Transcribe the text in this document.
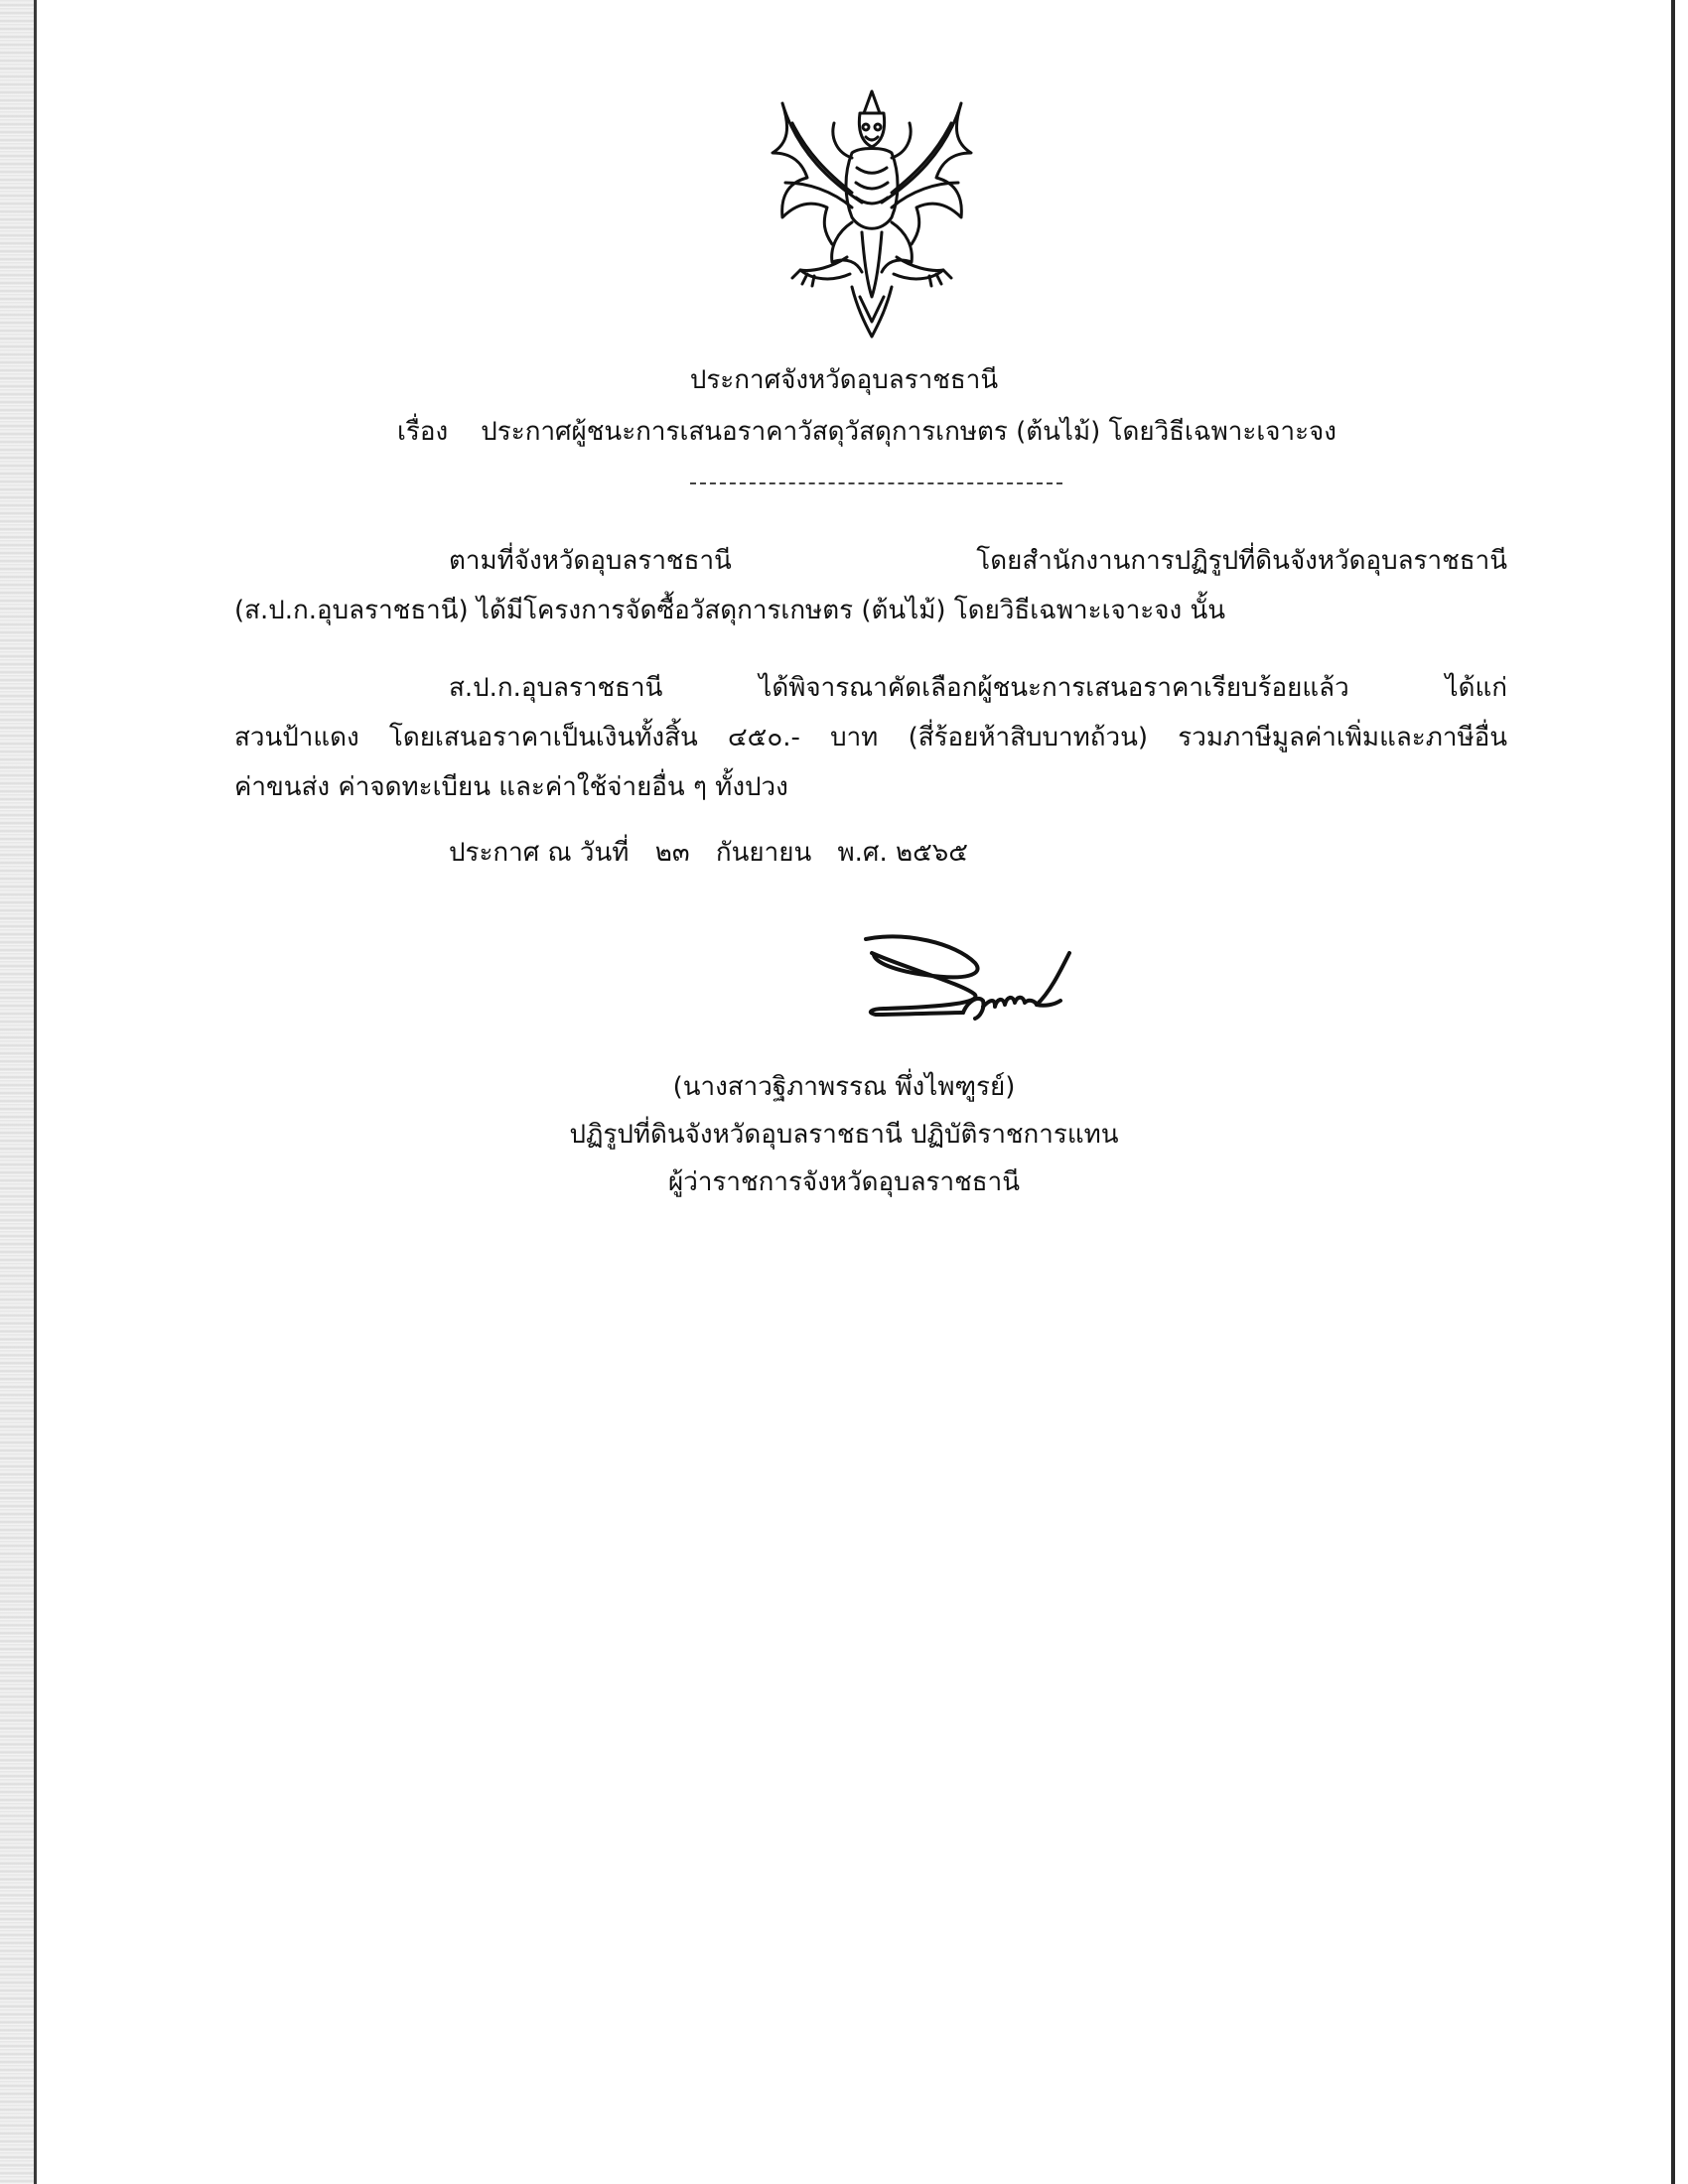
ประกาศจังหวัดอุบลราชธานี
เรื่อง ประกาศผู้ชนะการเสนอราคาวัสดุวัสดุการเกษตร (ต้นไม้) โดยวิธีเฉพาะเจาะจง
ตามที่จังหวัดอุบลราชธานี โดยสำนักงานการปฏิรูปที่ดินจังหวัดอุบลราชธานี
(ส.ป.ก.อุบลราชธานี) ได้มีโครงการจัดซื้อวัสดุการเกษตร (ต้นไม้) โดยวิธีเฉพาะเจาะจง นั้น
ส.ป.ก.อุบลราชธานี ได้พิจารณาคัดเลือกผู้ชนะการเสนอราคาเรียบร้อยแล้ว ได้แก่
สวนป้าแดง โดยเสนอราคาเป็นเงินทั้งสิ้น ๔๕๐.- บาท (สี่ร้อยห้าสิบบาทถ้วน) รวมภาษีมูลค่าเพิ่มและภาษีอื่น
ค่าขนส่ง ค่าจดทะเบียน และค่าใช้จ่ายอื่น ๆ ทั้งปวง
ประกาศ ณ วันที่ ๒๓ กันยายน พ.ศ. ๒๕๖๕
(นางสาวฐิภาพรรณ พึ่งไพฑูรย์)
ปฏิรูปที่ดินจังหวัดอุบลราชธานี ปฏิบัติราชการแทน
ผู้ว่าราชการจังหวัดอุบลราชธานี
